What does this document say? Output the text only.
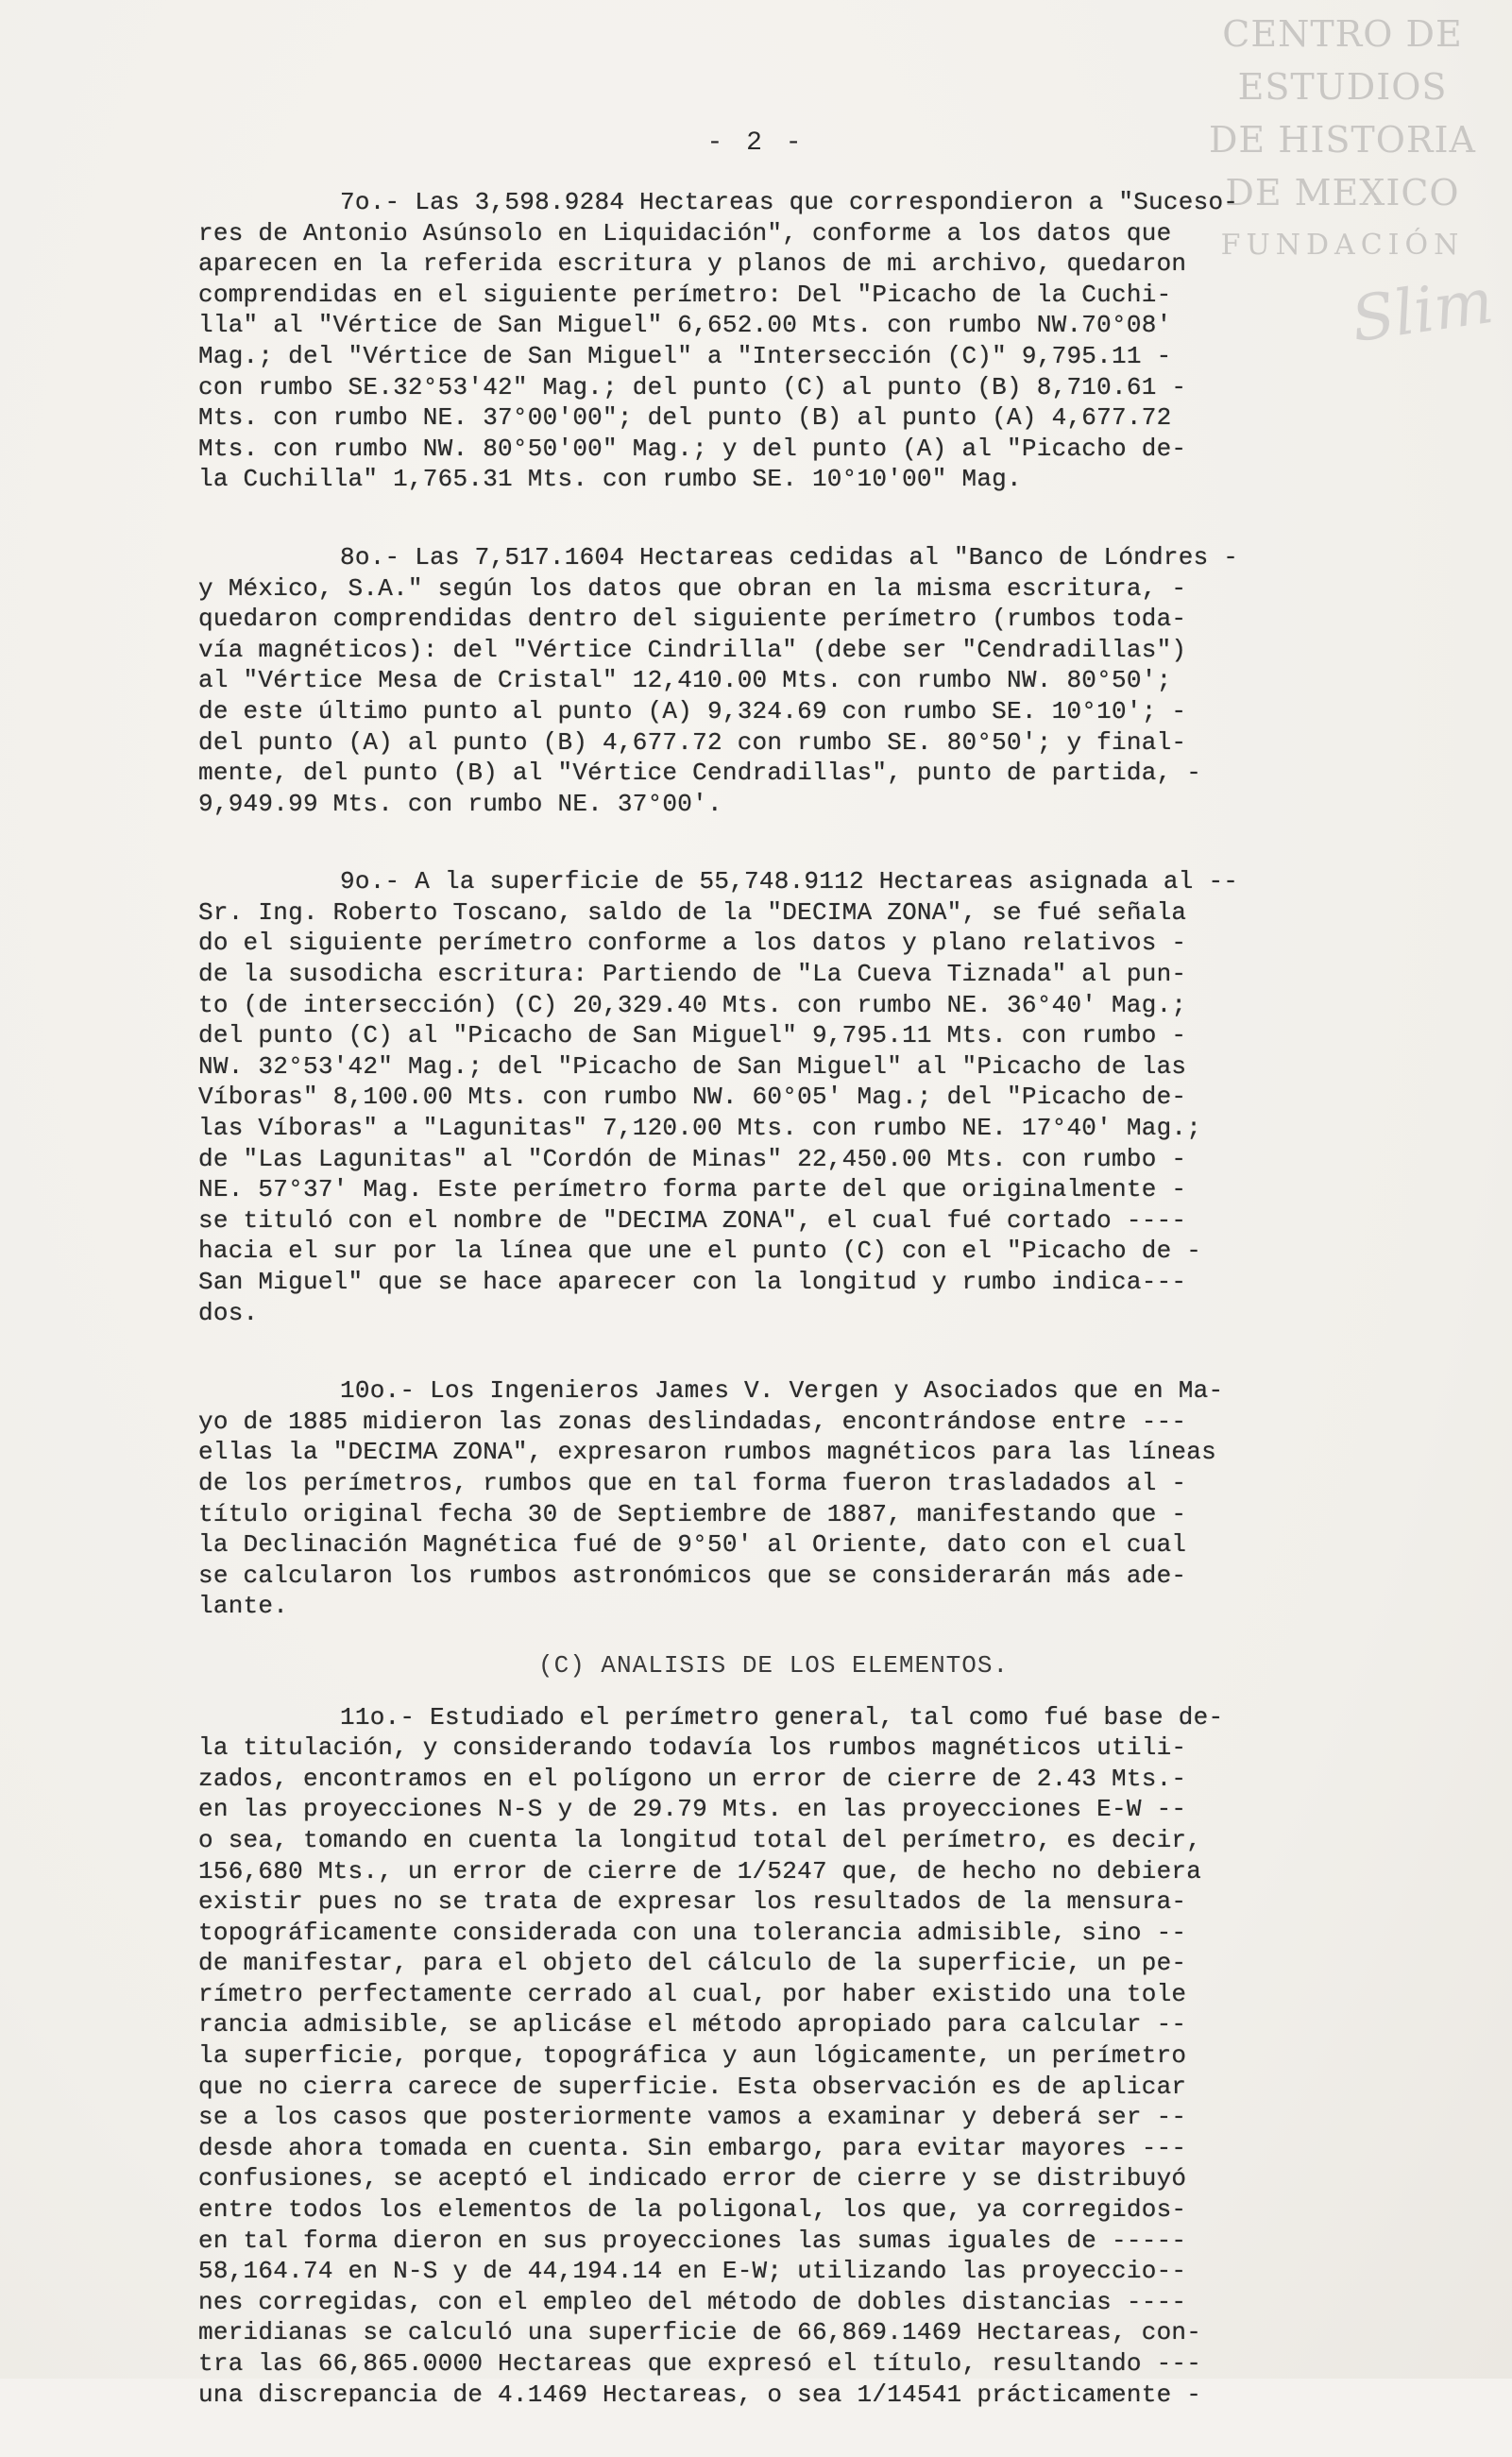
CENTRO DE
ESTUDIOS
DE HISTORIA
DE MEXICO
FUNDACIÓN
Slim
- 2 -
7o.- Las 3,598.9284 Hectareas que correspondieron a "Suceso-
res de Antonio Asúnsolo en Liquidación", conforme a los datos que
aparecen en la referida escritura y planos de mi archivo, quedaron
comprendidas en el siguiente perímetro: Del "Picacho de la Cuchi-
lla" al "Vértice de San Miguel" 6,652.00 Mts. con rumbo NW.70°08'
Mag.; del "Vértice de San Miguel" a "Intersección (C)" 9,795.11 -
con rumbo SE.32°53'42" Mag.; del punto (C) al punto (B) 8,710.61 -
Mts. con rumbo NE. 37°00'00"; del punto (B) al punto (A) 4,677.72
Mts. con rumbo NW. 80°50'00" Mag.; y del punto (A) al "Picacho de-
la Cuchilla" 1,765.31 Mts. con rumbo SE. 10°10'00" Mag.
8o.- Las 7,517.1604 Hectareas cedidas al "Banco de Lóndres -
y México, S.A." según los datos que obran en la misma escritura, -
quedaron comprendidas dentro del siguiente perímetro (rumbos toda-
vía magnéticos): del "Vértice Cindrilla" (debe ser "Cendradillas")
al "Vértice Mesa de Cristal" 12,410.00 Mts. con rumbo NW. 80°50';
de este último punto al punto (A) 9,324.69 con rumbo SE. 10°10'; -
del punto (A) al punto (B) 4,677.72 con rumbo SE. 80°50'; y final-
mente, del punto (B) al "Vértice Cendradillas", punto de partida, -
9,949.99 Mts. con rumbo NE. 37°00'.
9o.- A la superficie de 55,748.9112 Hectareas asignada al --
Sr. Ing. Roberto Toscano, saldo de la "DECIMA ZONA", se fué señala
do el siguiente perímetro conforme a los datos y plano relativos -
de la susodicha escritura: Partiendo de "La Cueva Tiznada" al pun-
to (de intersección) (C) 20,329.40 Mts. con rumbo NE. 36°40' Mag.;
del punto (C) al "Picacho de San Miguel" 9,795.11 Mts. con rumbo -
NW. 32°53'42" Mag.; del "Picacho de San Miguel" al "Picacho de las
Víboras" 8,100.00 Mts. con rumbo NW. 60°05' Mag.; del "Picacho de-
las Víboras" a "Lagunitas" 7,120.00 Mts. con rumbo NE. 17°40' Mag.;
de "Las Lagunitas" al "Cordón de Minas" 22,450.00 Mts. con rumbo -
NE. 57°37' Mag. Este perímetro forma parte del que originalmente -
se tituló con el nombre de "DECIMA ZONA", el cual fué cortado ----
hacia el sur por la línea que une el punto (C) con el "Picacho de -
San Miguel" que se hace aparecer con la longitud y rumbo indica---
dos.
10o.- Los Ingenieros James V. Vergen y Asociados que en Ma-
yo de 1885 midieron las zonas deslindadas, encontrándose entre ---
ellas la "DECIMA ZONA", expresaron rumbos magnéticos para las líneas
de los perímetros, rumbos que en tal forma fueron trasladados al -
título original fecha 30 de Septiembre de 1887, manifestando que -
la Declinación Magnética fué de 9°50' al Oriente, dato con el cual
se calcularon los rumbos astronómicos que se considerarán más ade-
lante.
(C) ANALISIS DE LOS ELEMENTOS.
11o.- Estudiado el perímetro general, tal como fué base de-
la titulación, y considerando todavía los rumbos magnéticos utili-
zados, encontramos en el polígono un error de cierre de 2.43 Mts.-
en las proyecciones N-S y de 29.79 Mts. en las proyecciones E-W --
o sea, tomando en cuenta la longitud total del perímetro, es decir,
156,680 Mts., un error de cierre de 1/5247 que, de hecho no debiera
existir pues no se trata de expresar los resultados de la mensura-
topográficamente considerada con una tolerancia admisible, sino --
de manifestar, para el objeto del cálculo de la superficie, un pe-
rímetro perfectamente cerrado al cual, por haber existido una tole
rancia admisible, se aplicáse el método apropiado para calcular --
la superficie, porque, topográfica y aun lógicamente, un perímetro
que no cierra carece de superficie. Esta observación es de aplicar
se a los casos que posteriormente vamos a examinar y deberá ser --
desde ahora tomada en cuenta. Sin embargo, para evitar mayores ---
confusiones, se aceptó el indicado error de cierre y se distribuyó
entre todos los elementos de la poligonal, los que, ya corregidos-
en tal forma dieron en sus proyecciones las sumas iguales de -----
58,164.74 en N-S y de 44,194.14 en E-W; utilizando las proyeccio--
nes corregidas, con el empleo del método de dobles distancias ----
meridianas se calculó una superficie de 66,869.1469 Hectareas, con-
tra las 66,865.0000 Hectareas que expresó el título, resultando ---
una discrepancia de 4.1469 Hectareas, o sea 1/14541 prácticamente -
